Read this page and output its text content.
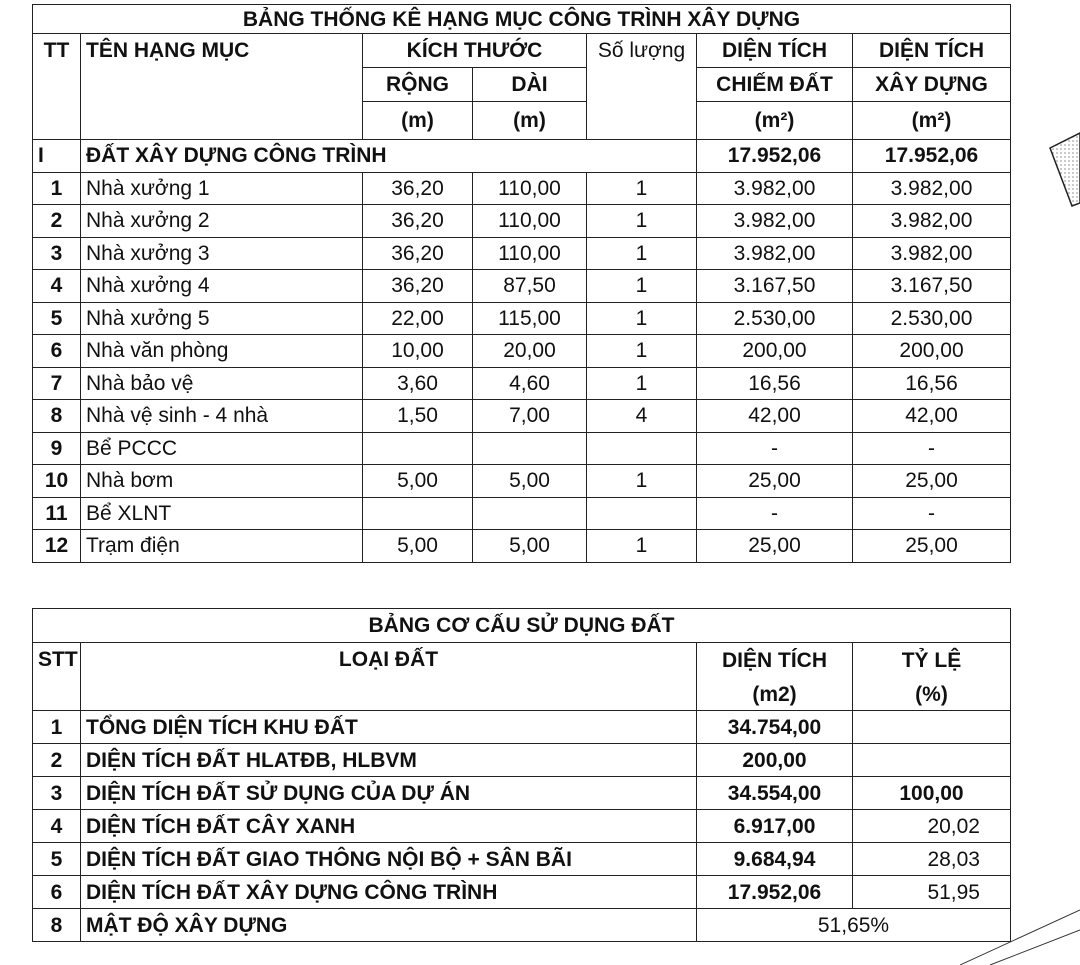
BẢNG THỐNG KÊ HẠNG MỤC CÔNG TRÌNH XÂY DỰNG						
TT	TÊN HẠNG MỤC	KÍCH THƯỚC		Số lượng	DIỆN TÍCH	DIỆN TÍCH
		RỘNG	DÀI		CHIẾM ĐẤT	XÂY DỰNG
		(m)	(m)		(m²)	(m²)
I	ĐẤT XÂY DỰNG CÔNG TRÌNH				17.952,06	17.952,06
1	Nhà xưởng 1	36,20	110,00	1	3.982,00	3.982,00
2	Nhà xưởng 2	36,20	110,00	1	3.982,00	3.982,00
3	Nhà xưởng 3	36,20	110,00	1	3.982,00	3.982,00
4	Nhà xưởng 4	36,20	87,50	1	3.167,50	3.167,50
5	Nhà xưởng 5	22,00	115,00	1	2.530,00	2.530,00
6	Nhà văn phòng	10,00	20,00	1	200,00	200,00
7	Nhà bảo vệ	3,60	4,60	1	16,56	16,56
8	Nhà vệ sinh - 4 nhà	1,50	7,00	4	42,00	42,00
9	Bể PCCC				-	-
10	Nhà bơm	5,00	5,00	1	25,00	25,00
11	Bể XLNT				-	-
12	Trạm điện	5,00	5,00	1	25,00	25,00

BẢNG CƠ CẤU SỬ DỤNG ĐẤT			
STT	LOẠI ĐẤT	DIỆN TÍCH	TỶ LỆ
		(m2)	(%)
1	TỔNG DIỆN TÍCH KHU ĐẤT	34.754,00	
2	DIỆN TÍCH ĐẤT HLATĐB, HLBVM	200,00	
3	DIỆN TÍCH ĐẤT SỬ DỤNG CỦA DỰ ÁN	34.554,00	100,00
4	DIỆN TÍCH ĐẤT CÂY XANH	6.917,00	20,02
5	DIỆN TÍCH ĐẤT GIAO THÔNG NỘI BỘ + SÂN BÃI	9.684,94	28,03
6	DIỆN TÍCH ĐẤT XÂY DỰNG CÔNG TRÌNH	17.952,06	51,95
8	MẬT ĐỘ XÂY DỰNG	51,65%	
